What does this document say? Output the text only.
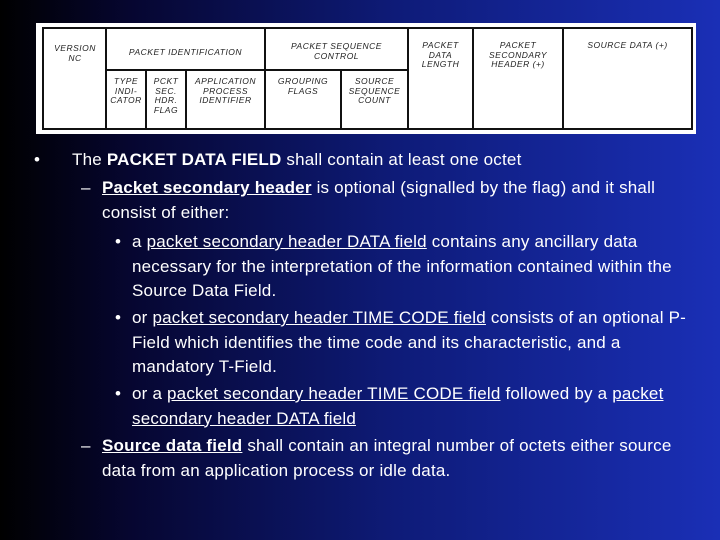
VERSION
NC
PACKET IDENTIFICATION
PACKET SEQUENCE
CONTROL
PACKET
DATA
LENGTH
PACKET
SECONDARY
HEADER (+)
SOURCE DATA (+)
TYPE
INDI-
CATOR
PCKT
SEC.
HDR.
FLAG
APPLICATION
PROCESS
IDENTIFIER
GROUPING
FLAGS
SOURCE
SEQUENCE
COUNT
• The PACKET DATA FIELD shall contain at least one octet
– Packet secondary header is optional (signalled by the flag) and it shall consist of either:
• a packet secondary header DATA field contains any ancillary data necessary for the interpretation of the information contained within the Source Data Field.
• or packet secondary header TIME CODE field consists of an optional P-Field which identifies the time code and its characteristic, and a mandatory T-Field.
• or a packet secondary header TIME CODE field followed by a packet secondary header DATA field
– Source data field shall contain an integral number of octets either source data from an application process or idle data.
